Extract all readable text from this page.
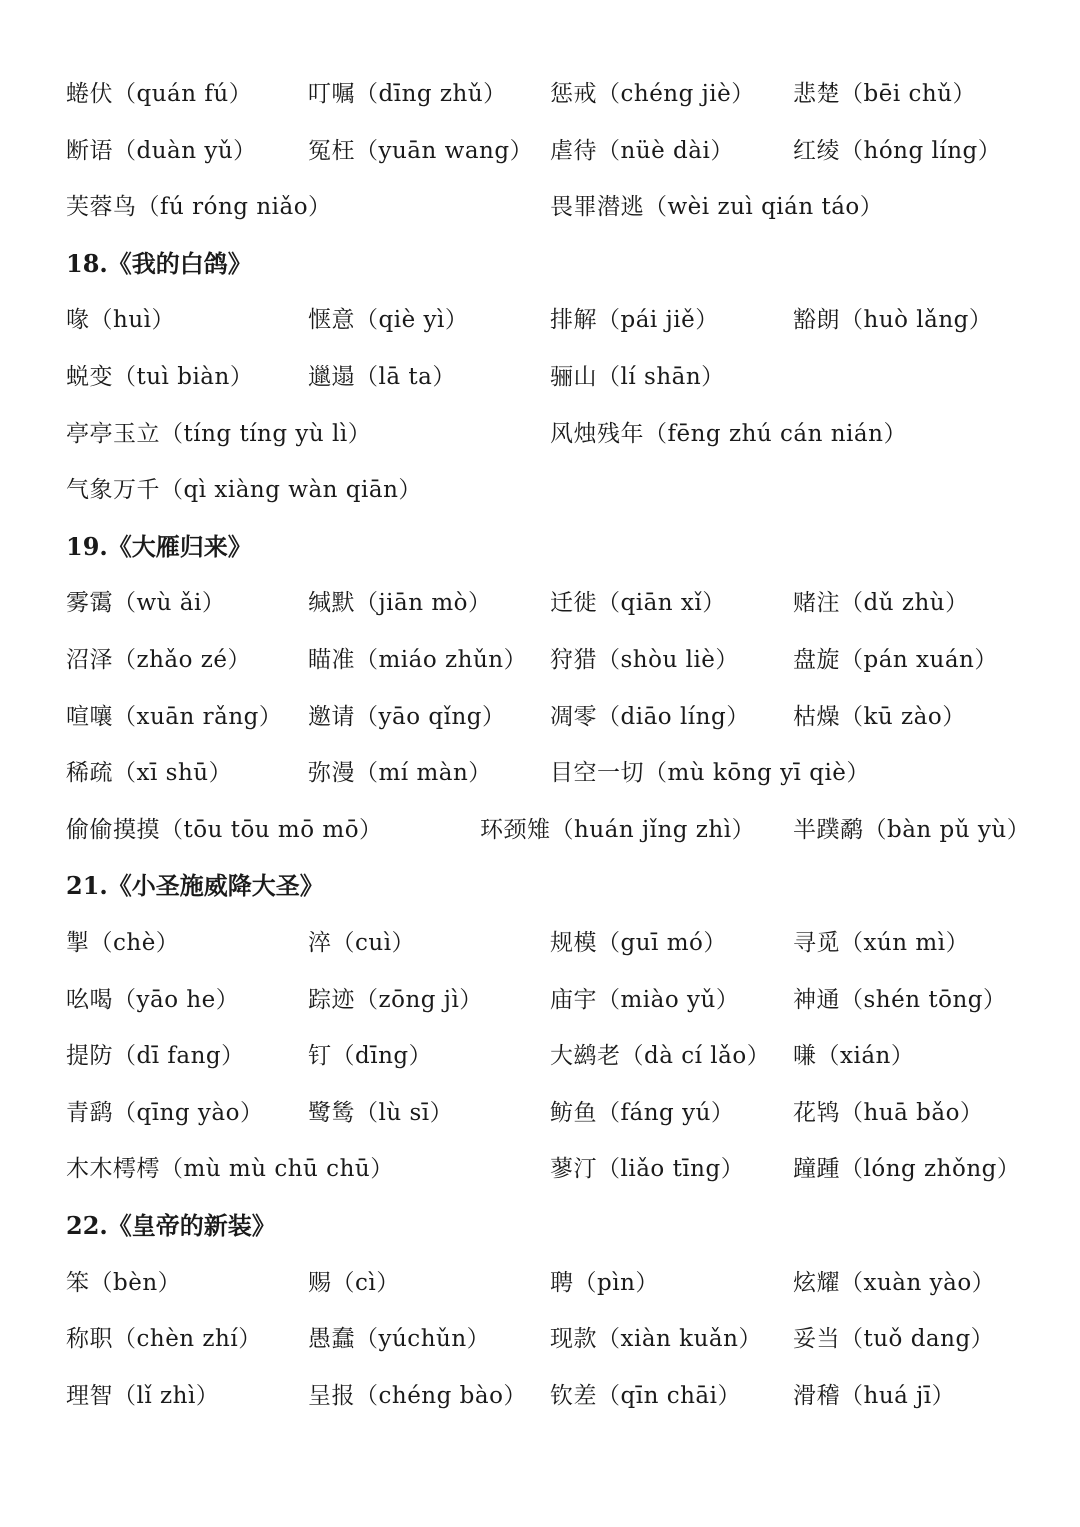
蜷伏（quán fú） 叮嘱（dīng zhǔ） 惩戒（chéng jiè） 悲楚（bēi chǔ）
断语（duàn yǔ） 冤枉（yuān wang） 虐待（nüè dài）	红绫（hóng líng）
芙蓉鸟（fú róng niǎo）	畏罪潜逃（wèi zuì qián táo）
18.《我的白鸽》
喙（huì）	惬意（qiè yì）	排解（pái jiě）	豁朗（huò lǎng）
蜕变（tuì biàn） 邋遢（lā ta）	骊山（lí shān）
亭亭玉立（tíng tíng yù lì）	风烛残年（fēng zhú cán nián）
气象万千（qì xiàng wàn qiān）
19.《大雁归来》
雾霭（wù ǎi）	缄默（jiān mò）	迁徙（qiān xǐ）	赌注（dǔ zhù）
沼泽（zhǎo zé） 瞄准（miáo zhǔn） 狩猎（shòu liè） 盘旋（pán xuán）
喧嚷（xuān rǎng） 邀请（yāo qǐng） 凋零（diāo líng） 枯燥（kū zào）
稀疏（xī shū）	弥漫（mí màn）	目空一切（mù kōng yī qiè）
偷偷摸摸（tōu tōu mō mō）	环颈雉（huán jǐng zhì） 半蹼鹬（bàn pǔ yù）
21.《小圣施威降大圣》
掣（chè）	淬（cuì）	规模（guī mó）	寻觅（xún mì）
吆喝（yāo he）	踪迹（zōng jì）	庙宇（miào yǔ） 神通（shén tōng）
提防（dī fang）	钉（dīng）	大鹚老（dà cí lǎo） 嗛（xián）
青鹞（qīng yào） 鹭鸶（lù sī）	鲂鱼（fáng yú）	花鸨（huā bǎo）
木木樗樗（mù mù chū chū）	蓼汀（liǎo tīng） 蹱踵（lóng zhǒng）
22.《皇帝的新装》
笨（bèn）	赐（cì）	聘（pìn）	炫耀（xuàn yào）
称职（chèn zhí） 愚蠢（yúchǔn）	现款（xiàn kuǎn） 妥当（tuǒ dang）
理智（lǐ zhì）	呈报（chéng bào） 钦差（qīn chāi） 滑稽（huá jī）
